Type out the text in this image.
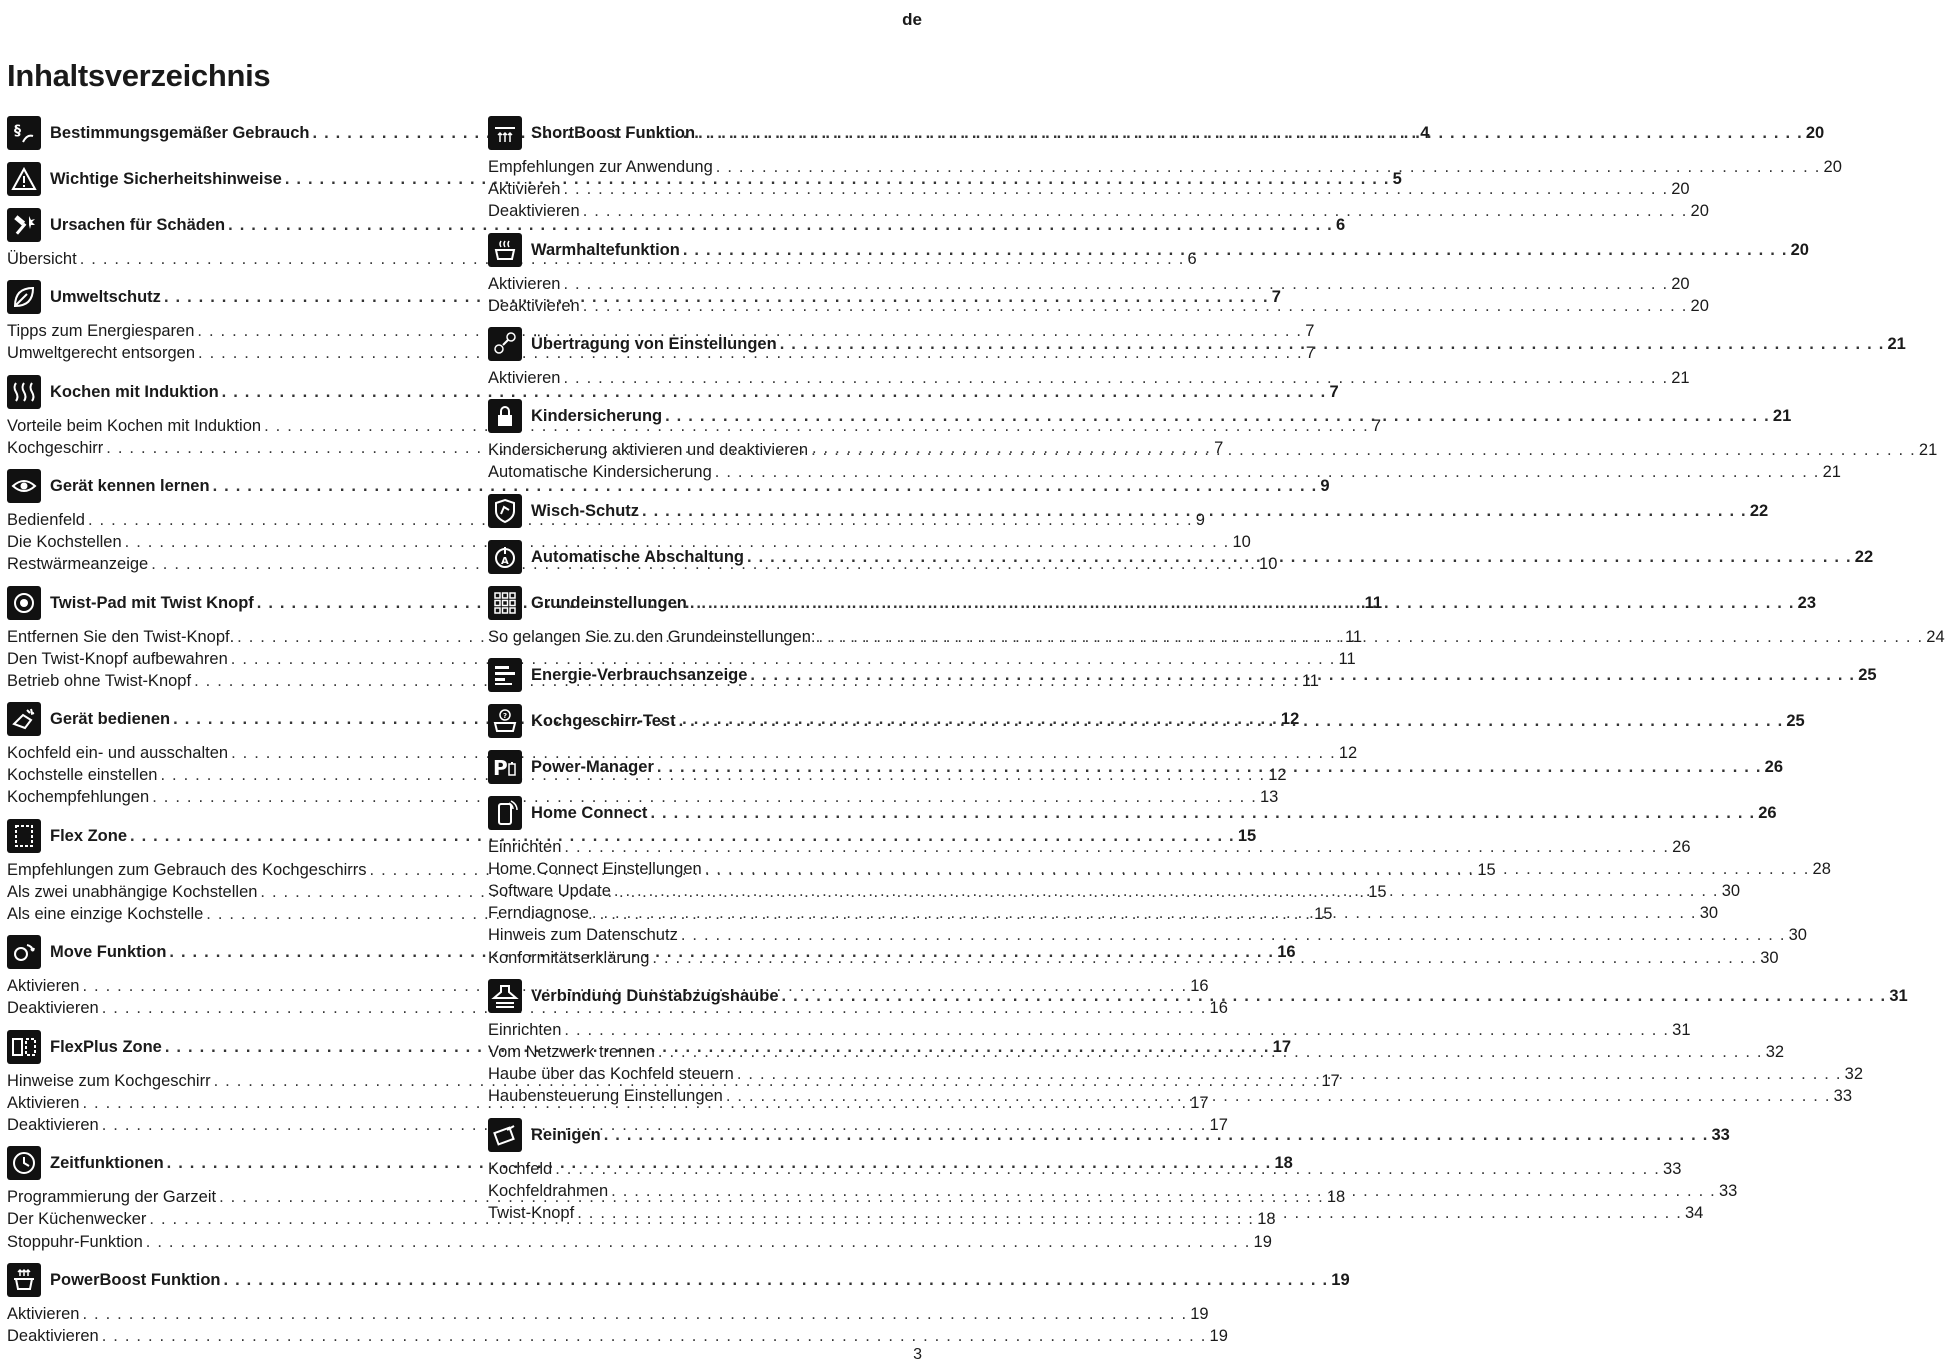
de
Inhaltsverzeichnis
§ Bestimmungsgemäßer Gebrauch . . .	4
Wichtige Sicherheitshinweise . . .	5
Ursachen für Schäden . . .	6
Übersicht . . .	6
Umweltschutz . . .	7
Tipps zum Energiesparen . . .	7
Umweltgerecht entsorgen . . .	7
Kochen mit Induktion . . .	7
Vorteile beim Kochen mit Induktion . . .	7
Kochgeschirr . . .	7
Gerät kennen lernen . . .	9
Bedienfeld . . .	9
Die Kochstellen . . .	10
Restwärmeanzeige . . .	10
Twist-Pad mit Twist Knopf . . .	11
Entfernen Sie den Twist-Knopf. . . .	11
Den Twist-Knopf aufbewahren . . .	11
Betrieb ohne Twist-Knopf . . .	11
Gerät bedienen . . .	12
Kochfeld ein- und ausschalten . . .	12
Kochstelle einstellen . . .	12
Kochempfehlungen . . .	13
Flex Zone . . .	15
Empfehlungen zum Gebrauch des Kochgeschirrs . . .	15
Als zwei unabhängige Kochstellen . . .	15
Als eine einzige Kochstelle . . .	15
Move Funktion . . .	16
Aktivieren . . .	16
Deaktivieren . . .	16
FlexPlus Zone . . .	17
Hinweise zum Kochgeschirr . . .	17
Aktivieren . . .	17
Deaktivieren . . .	17
Zeitfunktionen . . .	18
Programmierung der Garzeit . . .	18
Der Küchenwecker . . .	18
Stoppuhr-Funktion . . .	19
PowerBoost Funktion . . .	19
Aktivieren . . .	19
Deaktivieren . . .	19
ShortBoost Funktion . . .	20
Empfehlungen zur Anwendung . . .	20
Aktivieren . . .	20
Deaktivieren . . .	20
Warmhaltefunktion . . .	20
Aktivieren . . .	20
Deaktivieren . . .	20
Übertragung von Einstellungen . . .	21
Aktivieren . . .	21
Kindersicherung . . .	21
Kindersicherung aktivieren und deaktivieren . . .	21
Automatische Kindersicherung . . .	21
Wisch-Schutz . . .	22
A Automatische Abschaltung . . .	22
Grundeinstellungen . . .	23
So gelangen Sie zu den Grundeinstellungen: . . .	24
Energie-Verbrauchsanzeige . . .	25
? Kochgeschirr-Test . . .	25
P Power-Manager . . .	26
Home Connect . . .	26
Einrichten . . .	26
Home Connect Einstellungen . . .	28
Software Update . . .	30
Ferndiagnose . . .	30
Hinweis zum Datenschutz . . .	30
Konformitätserklärung . . .	30
Verbindung Dunstabzugshaube . . .	31
Einrichten . . .	31
Vom Netzwerk trennen . . .	32
Haube über das Kochfeld steuern . . .	32
Haubensteuerung Einstellungen . . .	33
Reinigen . . .	33
Kochfeld . . .	33
Kochfeldrahmen . . .	33
Twist-Knopf . . .	34
3
